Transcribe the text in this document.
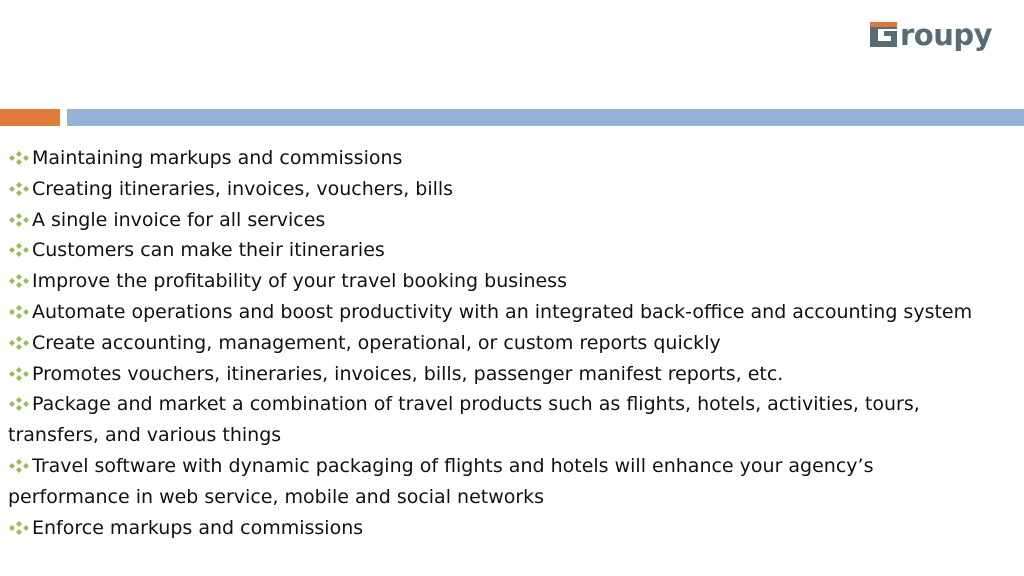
roupy
Maintaining markups and commissions
Creating itineraries, invoices, vouchers, bills
A single invoice for all services
Customers can make their itineraries
Improve the profitability of your travel booking business
Automate operations and boost productivity with an integrated back-office and accounting system
Create accounting, management, operational, or custom reports quickly
Promotes vouchers, itineraries, invoices, bills, passenger manifest reports, etc.
Package and market a combination of travel products such as flights, hotels, activities, tours, transfers, and various things
Travel software with dynamic packaging of flights and hotels will enhance your agency’s performance in web service, mobile and social networks
Enforce markups and commissions
